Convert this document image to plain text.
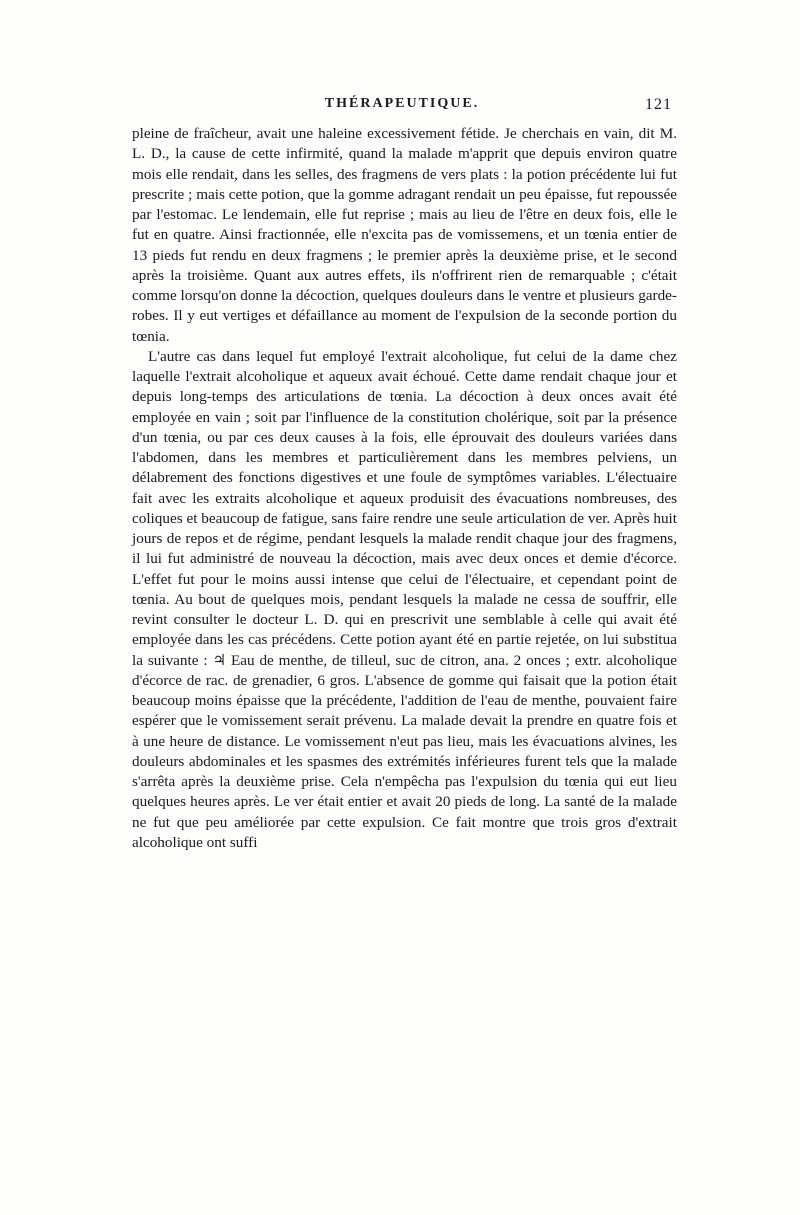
THÉRAPEUTIQUE.	121

pleine de fraîcheur, avait une haleine excessivement fétide. Je cherchais en vain, dit M. L. D., la cause de cette infirmité, quand la malade m'apprit que depuis environ quatre mois elle rendait, dans les selles, des fragmens de vers plats : la potion précédente lui fut prescrite ; mais cette potion, que la gomme adragant rendait un peu épaisse, fut repoussée par l'estomac. Le lendemain, elle fut reprise ; mais au lieu de l'être en deux fois, elle le fut en quatre. Ainsi fractionnée, elle n'excita pas de vomissemens, et un tœnia entier de 13 pieds fut rendu en deux fragmens ; le premier après la deuxième prise, et le second après la troisième. Quant aux autres effets, ils n'offrirent rien de remarquable ; c'était comme lorsqu'on donne la décoction, quelques douleurs dans le ventre et plusieurs garde-robes. Il y eut vertiges et défaillance au moment de l'expulsion de la seconde portion du tœnia.

L'autre cas dans lequel fut employé l'extrait alcoholique, fut celui de la dame chez laquelle l'extrait alcoholique et aqueux avait échoué. Cette dame rendait chaque jour et depuis long-temps des articulations de tœnia. La décoction à deux onces avait été employée en vain ; soit par l'influence de la constitution cholérique, soit par la présence d'un tœnia, ou par ces deux causes à la fois, elle éprouvait des douleurs variées dans l'abdomen, dans les membres et particulièrement dans les membres pelviens, un délabrement des fonctions digestives et une foule de symptômes variables. L'électuaire fait avec les extraits alcoholique et aqueux produisit des évacuations nombreuses, des coliques et beaucoup de fatigue, sans faire rendre une seule articulation de ver. Après huit jours de repos et de régime, pendant lesquels la malade rendit chaque jour des fragmens, il lui fut administré de nouveau la décoction, mais avec deux onces et demie d'écorce. L'effet fut pour le moins aussi intense que celui de l'électuaire, et cependant point de tœnia. Au bout de quelques mois, pendant lesquels la malade ne cessa de souffrir, elle revint consulter le docteur L. D. qui en prescrivit une semblable à celle qui avait été employée dans les cas précédens. Cette potion ayant été en partie rejetée, on lui substitua la suivante : ♃ Eau de menthe, de tilleul, suc de citron, ana. 2 onces ; extr. alcoholique d'écorce de rac. de grenadier, 6 gros. L'absence de gomme qui faisait que la potion était beaucoup moins épaisse que la précédente, l'addition de l'eau de menthe, pouvaient faire espérer que le vomissement serait prévenu. La malade devait la prendre en quatre fois et à une heure de distance. Le vomissement n'eut pas lieu, mais les évacuations alvines, les douleurs abdominales et les spasmes des extrémités inférieures furent tels que la malade s'arrêta après la deuxième prise. Cela n'empêcha pas l'expulsion du tœnia qui eut lieu quelques heures après. Le ver était entier et avait 20 pieds de long. La santé de la malade ne fut que peu améliorée par cette expulsion. Ce fait montre que trois gros d'extrait alcoholique ont suffi
